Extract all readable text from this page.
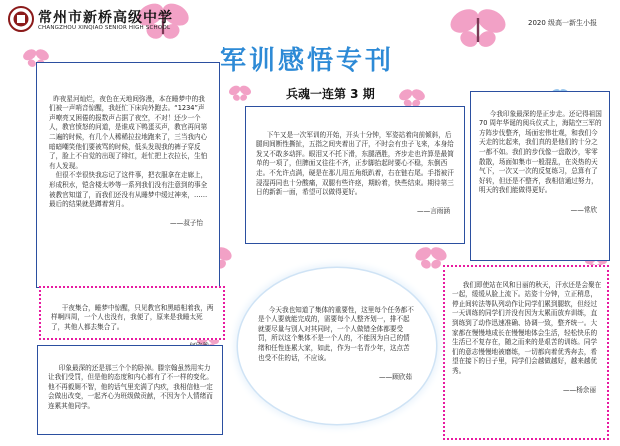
常州市新桥高级中学
CHANGZHOU XINQIAO SENIOR HIGH SCHOOL
2020 级高一新生小报
军训感悟专刊
兵魂一连第 3 期

昨夜星河灿烂，夜色在天地间弥漫，本在睡梦中的我们被一声哨音惊醒，我赶忙下床向外跑去。“1234”声声嘹亮又困倦的报数声占据了夜空，不对！还少一个人，教官愤怒的问道，是谁成下鸭蛋买声，教官再问第二遍的时候，有几个人稀稀拉拉地跑来了，三当我内心暗暗嘲笑他们要被骂的时候，低头发现我的裤子穿反了，脸上不自觉的出现了绯红，赶忙把上衣拉长，生怕有人发现。
　但很不幸很快我忘记了这件事，把衣服拿在走廊上，形成积水，铠含楼太吵等一系列我们没有注意到的事全被教官知道了，而我们还没有从睡梦中缓过神来，……最后的结果就是蹲着营月。

——叔子怡

　下午又是一次军训的开始，开头十分钟，军姿站着向前倾斜，后腿间间断性撕扯，五指之间夹着出了汗，不时会有虫子飞来，本身给发又不敢多动抨。眼泪又不托下滑，东腿酒胜，齐步走也许算是最简单的一项了，但脾面又往往不齐，正步脚抬起时要心不稳，东倒西走。不允许点满，硬是在那儿用五角纸趴着，右在链右尾。手指被汗浸湿再同也十分酸痛，双腿有些许痉，期盼着，快些结束。期待第三日的新新一面，希望可以做得更好。

——言雨涵

　今我印象最深的是正步走。还记得祖国 70 周年华诞的阅兵仪式上，海陆空三军的方阵步伐整齐，场面宏伟壮观，和我们今天走的比起来，我们真的是他们的十分之一都不如。我们的步伐像一盘散沙，零零散散，场面如集市一般混乱，在炎热的天气下，一次又一次的反复练习，总算有了好转，但还是不整齐，我相信通过努力，明天的我们能做得更好。

——常欣

　干夜集合，睡梦中惊醒，只见教官和黑暗相着我，两样啊四周，一个人也没有，我便了，原来是我睡太死了，其他人都去集合了。

　印象最深的还是那三个个的卧掉。滕宗翰虽然用实力让我们受罚，但是他的态度和内心都有了不一样的变化。他不再毅厕不智，他的话气里充满了内疚，我相信他一定会做出改变，一起齐心为班级做贡献，不因为个人情绪而连累其他同学。

　我们即使站在风和日丽的秋天，汗水还是会聚在一起，缓缓从脸上流下。站姿十分钟，立正稍息，停止间转法等队列动作让同学们累到腿软，但经过一天训练的同学们并没有因为太累而放弃训练，直到练到了动作迅速准确、协调一致，整齐统一。大家都在慢慢地成长在慢慢地体会生活，轻松快乐的生活已不复存在，随之而来的是艰苦的训练。同学们的意志慢慢地被磨练，一切都向着优秀奔去，希望在接下的日子里，同学们会越做越好，越来越优秀。

——杨余丽

　今天我也知道了集体的重要性，这里每个任务都不是个人要就能完成的，需要每个人整齐划一，排不起就要尽量与别人对其同时，一个人做错全体都要受罚，所以这个集体不是一个人的，不能因为自己的情绪和任性连累大家，如此，作为一名青少年，这点苦也受不住的话，不应该。

——顾欣茹
